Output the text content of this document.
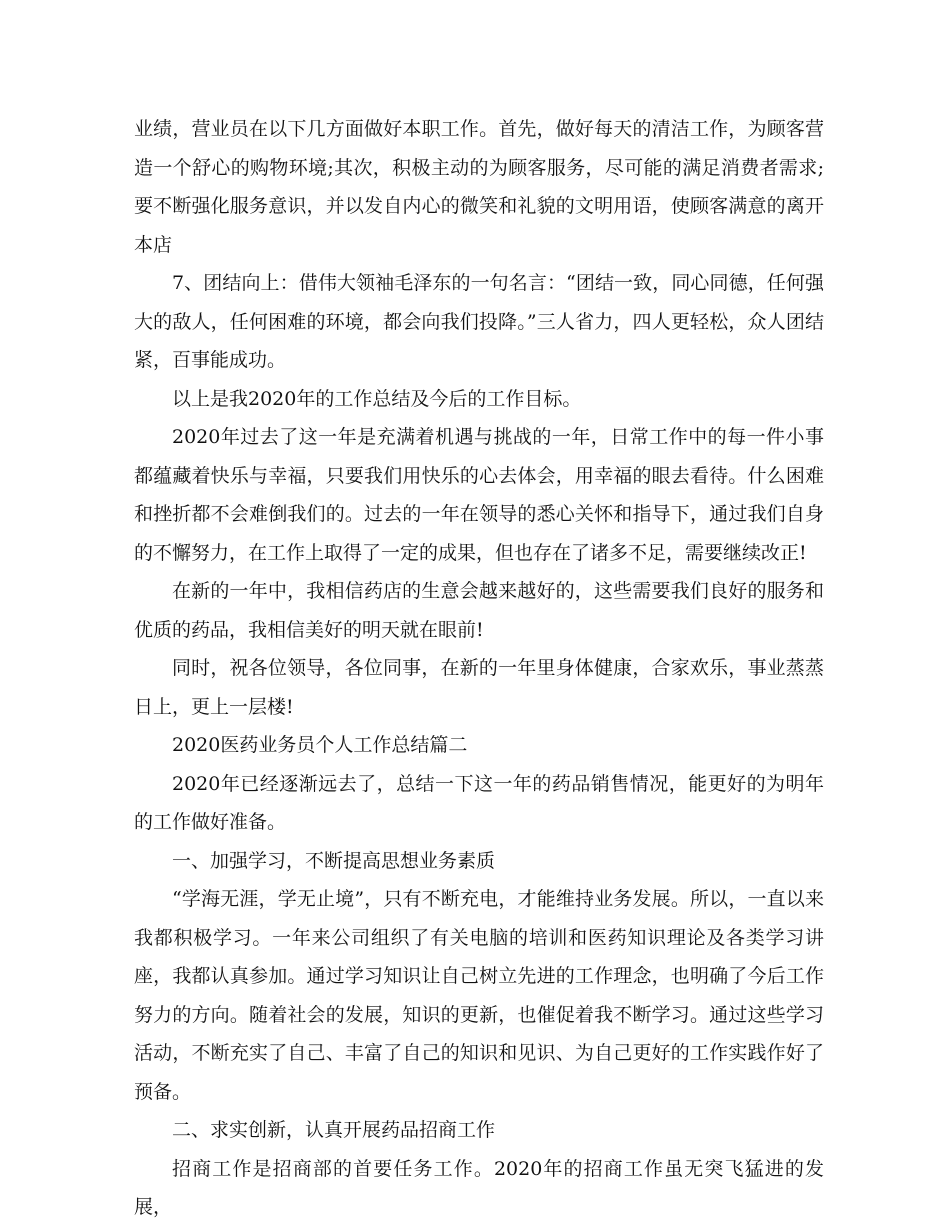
业绩，营业员在以下几方面做好本职工作。首先，做好每天的清洁工作，为顾客营造一个舒心的购物环境;其次，积极主动的为顾客服务，尽可能的满足消费者需求;要不断强化服务意识，并以发自内心的微笑和礼貌的文明用语，使顾客满意的离开本店

7、团结向上：借伟大领袖毛泽东的一句名言：“团结一致，同心同德，任何强大的敌人，任何困难的环境，都会向我们投降。”三人省力，四人更轻松，众人团结紧，百事能成功。

以上是我2020年的工作总结及今后的工作目标。

2020年过去了这一年是充满着机遇与挑战的一年，日常工作中的每一件小事都蕴藏着快乐与幸福，只要我们用快乐的心去体会，用幸福的眼去看待。什么困难和挫折都不会难倒我们的。过去的一年在领导的悉心关怀和指导下，通过我们自身的不懈努力，在工作上取得了一定的成果，但也存在了诸多不足，需要继续改正!

在新的一年中，我相信药店的生意会越来越好的，这些需要我们良好的服务和优质的药品，我相信美好的明天就在眼前!

同时，祝各位领导，各位同事，在新的一年里身体健康，合家欢乐，事业蒸蒸日上，更上一层楼!

2020医药业务员个人工作总结篇二

2020年已经逐渐远去了，总结一下这一年的药品销售情况，能更好的为明年的工作做好准备。

一、加强学习，不断提高思想业务素质

“学海无涯，学无止境”，只有不断充电，才能维持业务发展。所以，一直以来我都积极学习。一年来公司组织了有关电脑的培训和医药知识理论及各类学习讲座，我都认真参加。通过学习知识让自己树立先进的工作理念，也明确了今后工作努力的方向。随着社会的发展，知识的更新，也催促着我不断学习。通过这些学习活动，不断充实了自己、丰富了自己的知识和见识、为自己更好的工作实践作好了预备。

二、求实创新，认真开展药品招商工作

招商工作是招商部的首要任务工作。2020年的招商工作虽无突飞猛进的发展，
